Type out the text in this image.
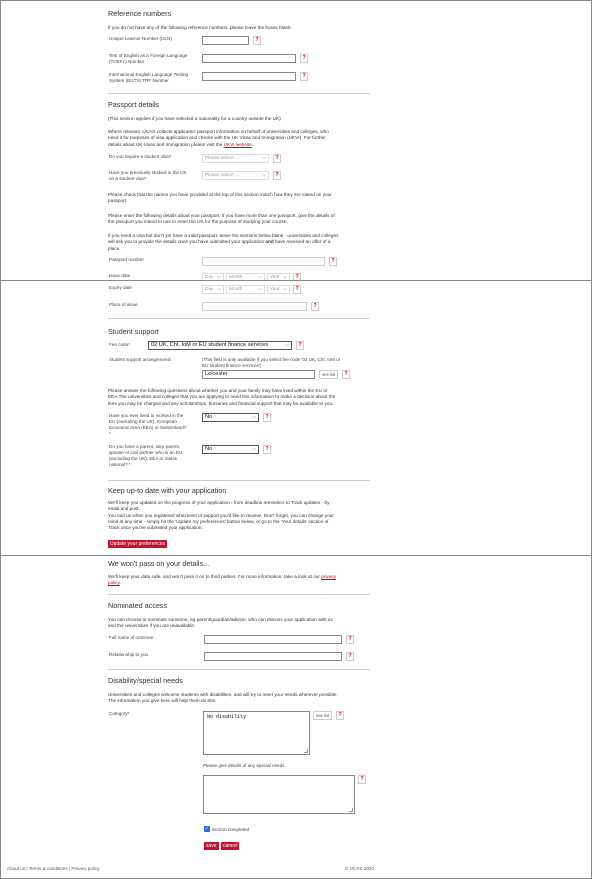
Reference numbers
If you do not have any of the following reference numbers, please leave the boxes blank:
Unique Learner Number (ULN)	?
Test of English as a Foreign Language
(TOEFL) Number
?
International English Language Testing
System (IELTS) TRF Number
?
Passport details
(This section applies if you have selected a nationality for a country outside the UK)
Where relevant, UCAS collects applicants' passport information on behalf of universities and colleges, who
need it for purposes of visa application and checks with the UK Visas and Immigration (UKVI). For further
details about UK Visas and Immigration please visit the UKVI website.
Do you require a student visa?	Please select ...	⌵	?
Have you previously studied in the UK
on a student visa?
Please select ...	⌵	?
Please check that the names you have provided at the top of this section match how they are stated on your
passport.
Please enter the following details about your passport. If you have more than one passport, give the details of
the passport you intend to use to enter the UK for the purpose of studying your course.
If you need a visa but don't yet have a valid passport, leave the sections below blank - universities and colleges
will ask you to provide the details once you have submitted your application and have received an offer of a
place.
Passport number	?
Issue date	Day ⌵	Month	⌵	Year ⌵	?
Expiry date	Day ⌵	Month	⌵	Year ⌵	?
Place of issue	?
Student support
Fee code*	02 UK, ChI, IoM or EU student finance services	⌵	?
Student support arrangements	(This field is only available if you select fee code '02 UK, ChI, IoM or
EU student finance services')
Leicester	see list	?
Please answer the following questions about whether you and your family may have lived within the EU or
EEA.The universities and colleges that you are applying to need this information to make a decision about the
fees you may be charged and any scholarships, bursaries and financial support that may be available to you.
Have you ever lived or worked in the
EU (excluding the UK), European
Economic Area (EEA) or Switzerland?
*
No	⌵	?
Do you have a parent, step-parent,
spouse or civil partner who is an EU
(excluding the UK), EEA or Swiss
national? *
No	⌵	?
Keep up-to date with your application
We'll keep you updated on the progress of your application - from deadline reminders to Track updates - by
email and post.
You told us when you registered what level of support you'd like to receive. Don't forget, you can change your
mind at any time - simply hit the 'Update my preferences' button below, or go to the 'Your details' section of
Track once you've submitted your application.
Update your preferences
We won't pass on your details...
We'll keep your data safe, and won't pass it on to third parties. For more information, take a look at our privacy
policy.
Nominated access
You can choose to nominate someone, eg parent/guardian/adviser, who can discuss your application with us
and the universities if you are unavailable.
Full name of nominee	?
Relationship to you	?
Disability/special needs
Universities and colleges welcome students with disabilities, and will try to meet your needs wherever possible.
The information you give here will help them do this.
Category*
No disability	see list	?
Please give details of any special needs.
?
✓ section completed
save	cancel
About us | Terms & conditions | Privacy policy	© UCAS 2020
